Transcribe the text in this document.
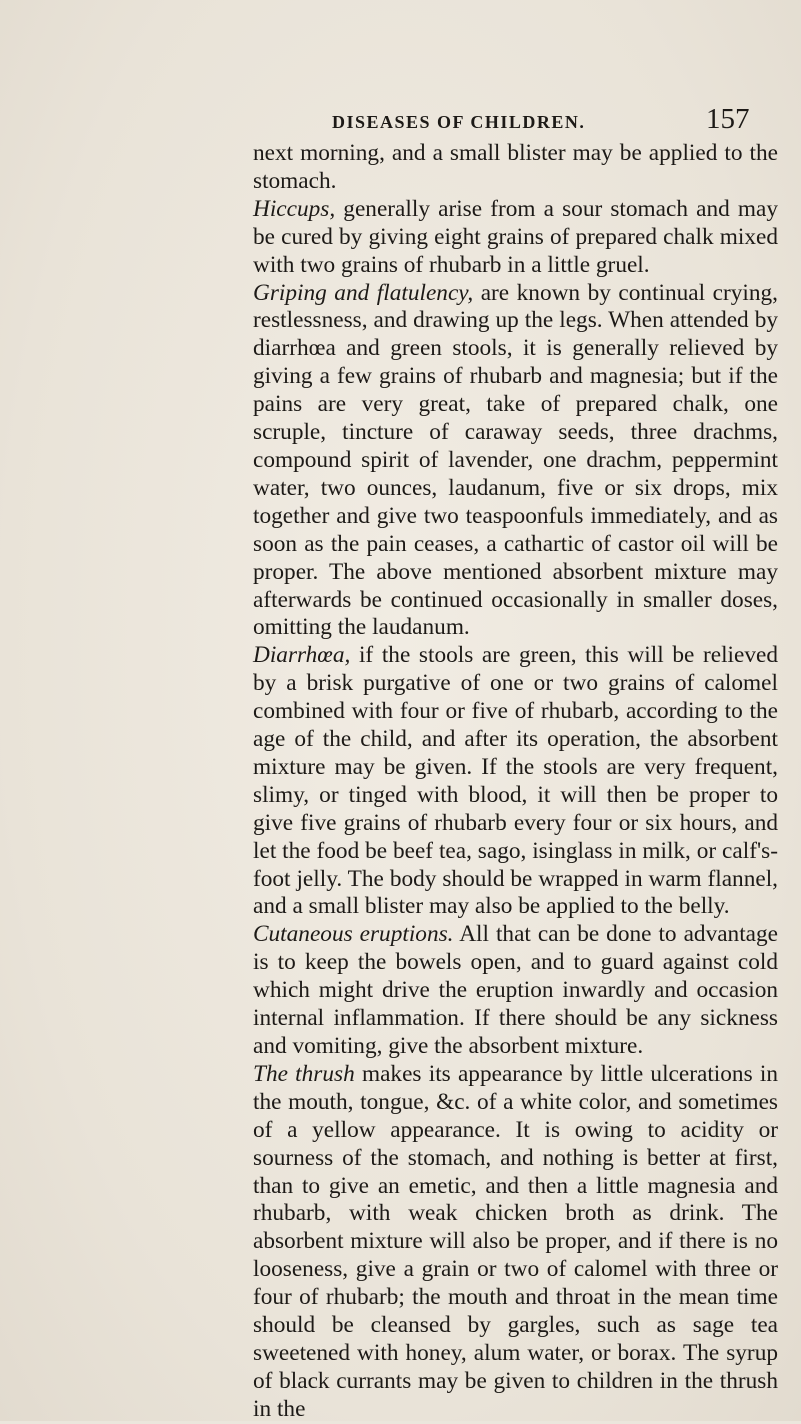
DISEASES OF CHILDREN.	157

next morning, and a small blister may be applied to the stomach.

Hiccups, generally arise from a sour stomach and may be cured by giving eight grains of prepared chalk mixed with two grains of rhubarb in a little gruel.

Griping and flatulency, are known by continual crying, restlessness, and drawing up the legs. When attended by diarrhœa and green stools, it is generally relieved by giving a few grains of rhubarb and magnesia; but if the pains are very great, take of prepared chalk, one scruple, tincture of caraway seeds, three drachms, compound spirit of lavender, one drachm, peppermint water, two ounces, laudanum, five or six drops, mix together and give two teaspoonfuls immediately, and as soon as the pain ceases, a cathartic of castor oil will be proper. The above mentioned absorbent mixture may afterwards be continued occasionally in smaller doses, omitting the laudanum.

Diarrhœa, if the stools are green, this will be relieved by a brisk purgative of one or two grains of calomel combined with four or five of rhubarb, according to the age of the child, and after its operation, the absorbent mixture may be given. If the stools are very frequent, slimy, or tinged with blood, it will then be proper to give five grains of rhubarb every four or six hours, and let the food be beef tea, sago, isinglass in milk, or calf's-foot jelly. The body should be wrapped in warm flannel, and a small blister may also be applied to the belly.

Cutaneous eruptions. All that can be done to advantage is to keep the bowels open, and to guard against cold which might drive the eruption inwardly and occasion internal inflammation. If there should be any sickness and vomiting, give the absorbent mixture.

The thrush makes its appearance by little ulcerations in the mouth, tongue, &c. of a white color, and sometimes of a yellow appearance. It is owing to acidity or sourness of the stomach, and nothing is better at first, than to give an emetic, and then a little magnesia and rhubarb, with weak chicken broth as drink. The absorbent mixture will also be proper, and if there is no looseness, give a grain or two of calomel with three or four of rhubarb; the mouth and throat in the mean time should be cleansed by gargles, such as sage tea sweetened with honey, alum water, or borax. The syrup of black currants may be given to children in the thrush in the
